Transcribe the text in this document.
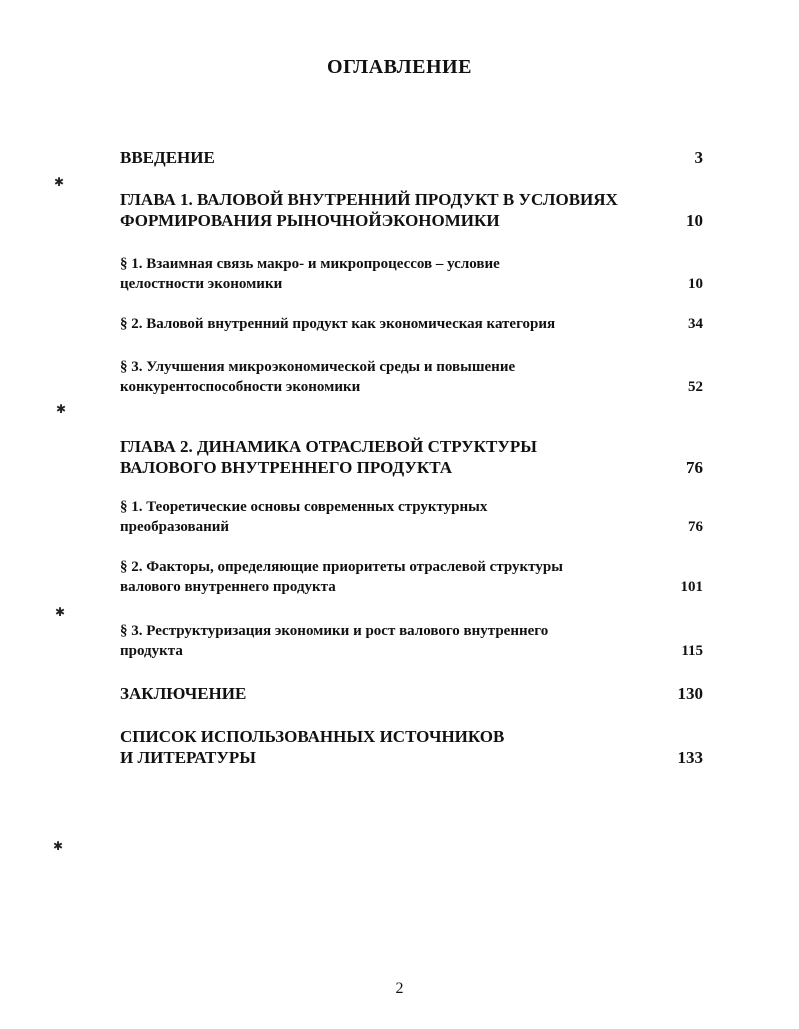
ОГЛАВЛЕНИЕ
ВВЕДЕНИЕ	3
ГЛАВА 1. ВАЛОВОЙ ВНУТРЕННИЙ ПРОДУКТ В УСЛОВИЯХ
ФОРМИРОВАНИЯ РЫНОЧНОЙЭКОНОМИКИ	10
§ 1. Взаимная связь макро- и микропроцессов – условие
целостности экономики	10
§ 2. Валовой внутренний продукт как экономическая категория	34
§ 3. Улучшения микроэкономической среды и повышение
конкурентоспособности экономики	52
ГЛАВА 2. ДИНАМИКА ОТРАСЛЕВОЙ СТРУКТУРЫ
ВАЛОВОГО ВНУТРЕННЕГО ПРОДУКТА	76
§ 1. Теоретические основы современных структурных
преобразований	76
§ 2. Факторы, определяющие приоритеты отраслевой структуры
валового внутреннего продукта	101
§ 3. Реструктуризация экономики и рост валового внутреннего
продукта	115
ЗАКЛЮЧЕНИЕ	130
СПИСОК ИСПОЛЬЗОВАННЫХ ИСТОЧНИКОВ
И ЛИТЕРАТУРЫ	133
2
✱
✱
✱
✱
